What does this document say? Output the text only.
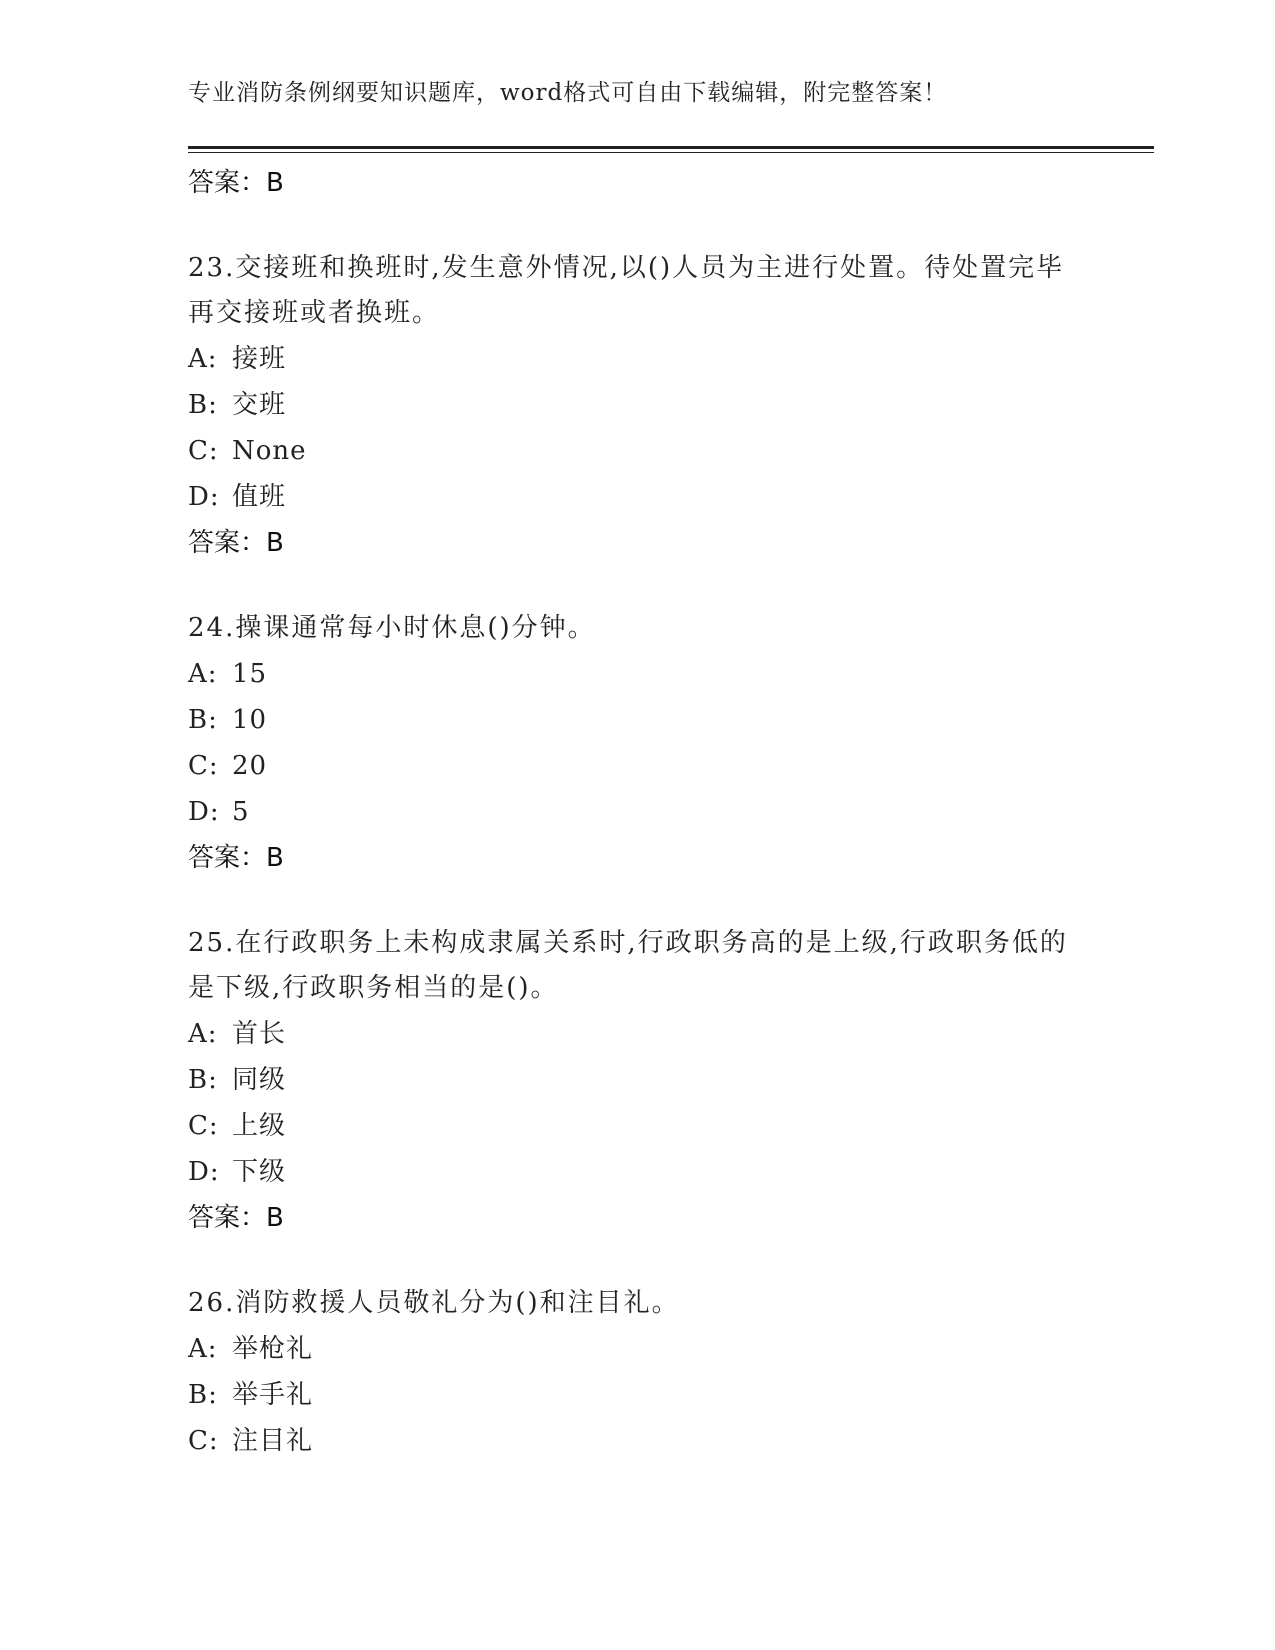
专业消防条例纲要知识题库，word格式可自由下载编辑，附完整答案！
答案：B
23.交接班和换班时,发生意外情况,以()人员为主进行处置。待处置完毕再交接班或者换班。
A: 接班
B: 交班
C: None
D: 值班
答案：B
24.操课通常每小时休息()分钟。
A: 15
B: 10
C: 20
D: 5
答案：B
25.在行政职务上未构成隶属关系时,行政职务高的是上级,行政职务低的是下级,行政职务相当的是()。
A: 首长
B: 同级
C: 上级
D: 下级
答案：B
26.消防救援人员敬礼分为()和注目礼。
A: 举枪礼
B: 举手礼
C: 注目礼
